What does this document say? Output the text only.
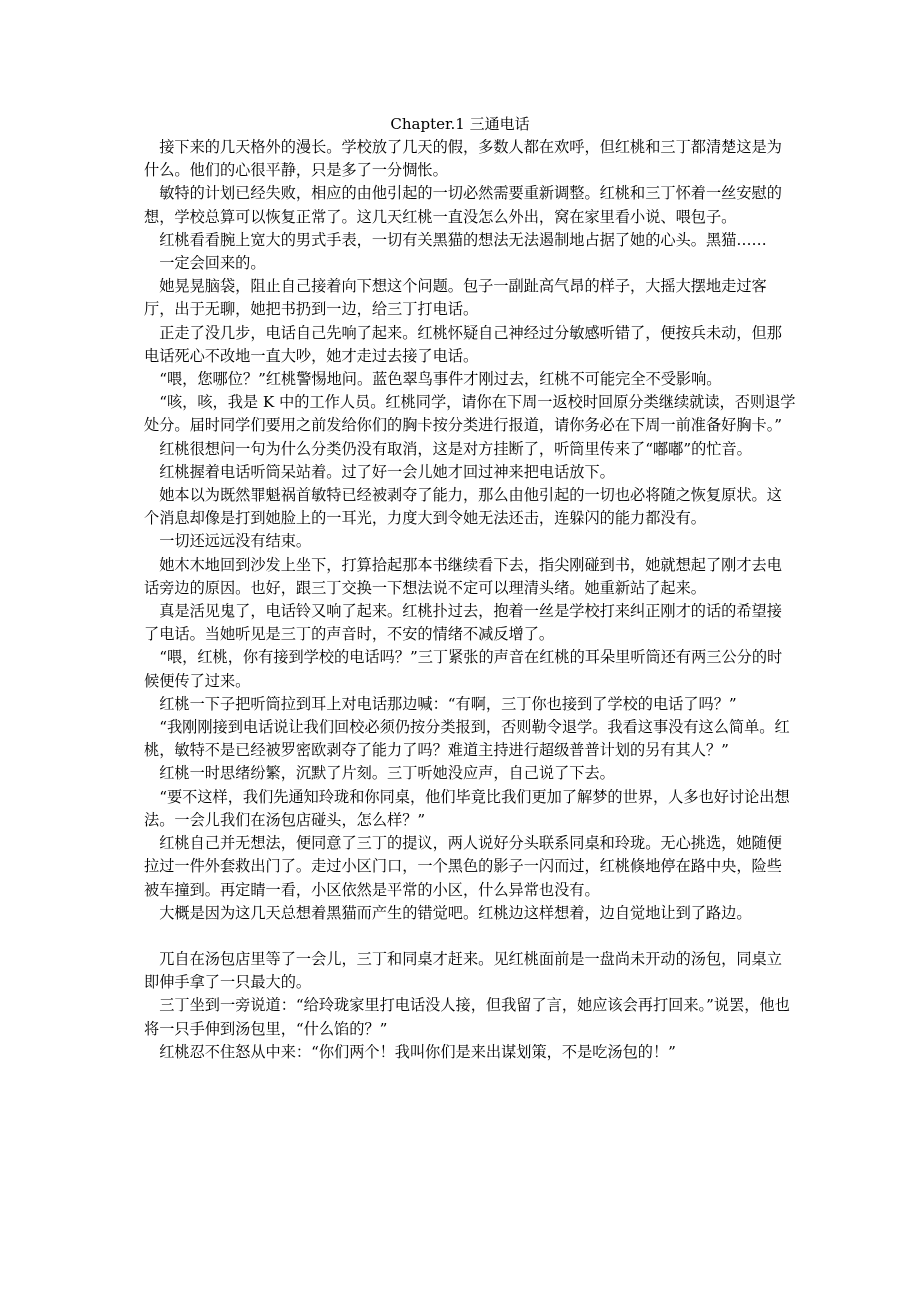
Chapter.1 三通电话

接下来的几天格外的漫长。学校放了几天的假，多数人都在欢呼，但红桃和三丁都清楚这是为什么。他们的心很平静，只是多了一分惆怅。

敏特的计划已经失败，相应的由他引起的一切必然需要重新调整。红桃和三丁怀着一丝安慰的想，学校总算可以恢复正常了。这几天红桃一直没怎么外出，窝在家里看小说、喂包子。

红桃看看腕上宽大的男式手表，一切有关黑猫的想法无法遏制地占据了她的心头。黑猫……

一定会回来的。

她晃晃脑袋，阻止自己接着向下想这个问题。包子一副趾高气昂的样子，大摇大摆地走过客厅，出于无聊，她把书扔到一边，给三丁打电话。

正走了没几步，电话自己先响了起来。红桃怀疑自己神经过分敏感听错了，便按兵未动，但那电话死心不改地一直大吵，她才走过去接了电话。

“喂，您哪位？”红桃警惕地问。蓝色翠鸟事件才刚过去，红桃不可能完全不受影响。

“咳，咳，我是 K 中的工作人员。红桃同学，请你在下周一返校时回原分类继续就读，否则退学处分。届时同学们要用之前发给你们的胸卡按分类进行报道，请你务必在下周一前准备好胸卡。”

红桃很想问一句为什么分类仍没有取消，这是对方挂断了，听筒里传来了“嘟嘟”的忙音。

红桃握着电话听筒呆站着。过了好一会儿她才回过神来把电话放下。

她本以为既然罪魁祸首敏特已经被剥夺了能力，那么由他引起的一切也必将随之恢复原状。这个消息却像是打到她脸上的一耳光，力度大到令她无法还击，连躲闪的能力都没有。

一切还远远没有结束。

她木木地回到沙发上坐下，打算拾起那本书继续看下去，指尖刚碰到书，她就想起了刚才去电话旁边的原因。也好，跟三丁交换一下想法说不定可以理清头绪。她重新站了起来。

真是活见鬼了，电话铃又响了起来。红桃扑过去，抱着一丝是学校打来纠正刚才的话的希望接了电话。当她听见是三丁的声音时，不安的情绪不减反增了。

“喂，红桃，你有接到学校的电话吗？”三丁紧张的声音在红桃的耳朵里听筒还有两三公分的时候便传了过来。

红桃一下子把听筒拉到耳上对电话那边喊：“有啊，三丁你也接到了学校的电话了吗？”

“我刚刚接到电话说让我们回校必须仍按分类报到，否则勒令退学。我看这事没有这么简单。红桃，敏特不是已经被罗密欧剥夺了能力了吗？难道主持进行超级普普计划的另有其人？”

红桃一时思绪纷繁，沉默了片刻。三丁听她没应声，自己说了下去。

“要不这样，我们先通知玲珑和你同桌，他们毕竟比我们更加了解梦的世界，人多也好讨论出想法。一会儿我们在汤包店碰头，怎么样？”

红桃自己并无想法，便同意了三丁的提议，两人说好分头联系同桌和玲珑。无心挑选，她随便拉过一件外套救出门了。走过小区门口，一个黑色的影子一闪而过，红桃倏地停在路中央，险些被车撞到。再定睛一看，小区依然是平常的小区，什么异常也没有。

大概是因为这几天总想着黑猫而产生的错觉吧。红桃边这样想着，边自觉地让到了路边。

兀自在汤包店里等了一会儿，三丁和同桌才赶来。见红桃面前是一盘尚未开动的汤包，同桌立即伸手拿了一只最大的。

三丁坐到一旁说道：“给玲珑家里打电话没人接，但我留了言，她应该会再打回来。”说罢，他也将一只手伸到汤包里，“什么馅的？”

红桃忍不住怒从中来：“你们两个！我叫你们是来出谋划策，不是吃汤包的！”
